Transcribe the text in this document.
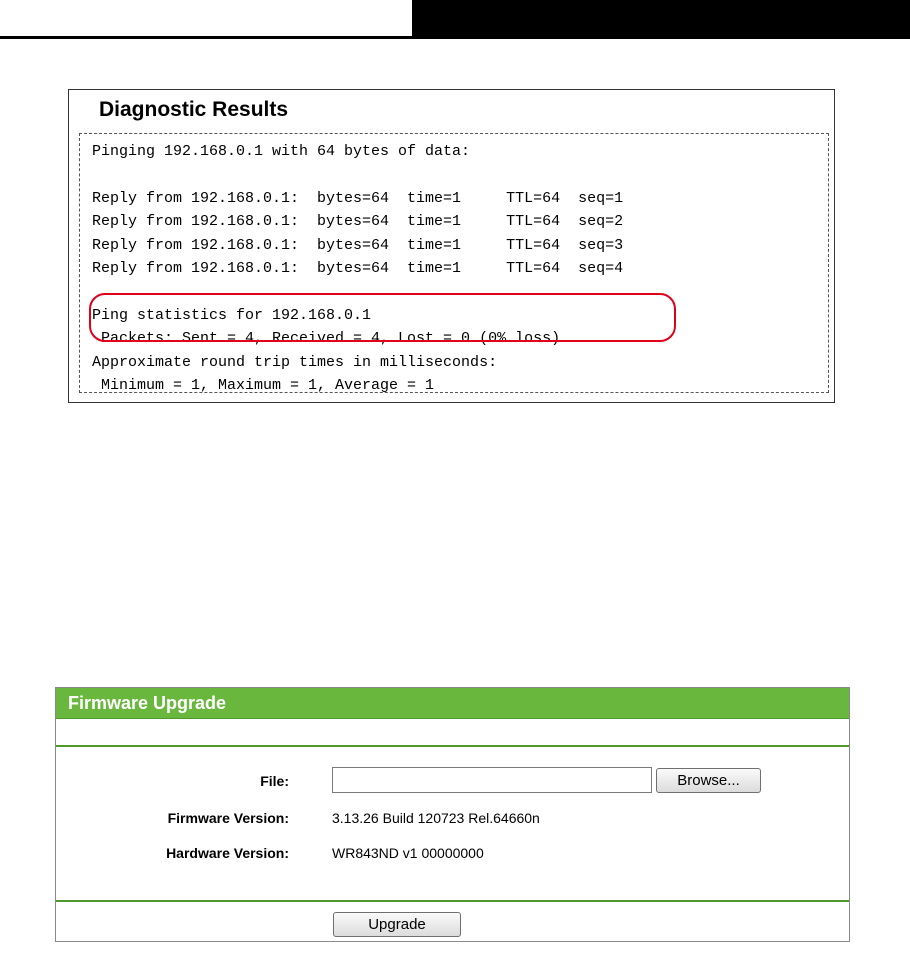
Diagnostic Results
Pinging 192.168.0.1 with 64 bytes of data:
Reply from 192.168.0.1:  bytes=64  time=1     TTL=64  seq=1
Reply from 192.168.0.1:  bytes=64  time=1     TTL=64  seq=2
Reply from 192.168.0.1:  bytes=64  time=1     TTL=64  seq=3
Reply from 192.168.0.1:  bytes=64  time=1     TTL=64  seq=4
Ping statistics for 192.168.0.1
Packets: Sent = 4, Received = 4, Lost = 0 (0% loss)
Approximate round trip times in milliseconds:
Minimum = 1, Maximum = 1, Average = 1
Firmware Upgrade
File:	Browse...
Firmware Version:	3.13.26 Build 120723 Rel.64660n
Hardware Version:	WR843ND v1 00000000
Upgrade
